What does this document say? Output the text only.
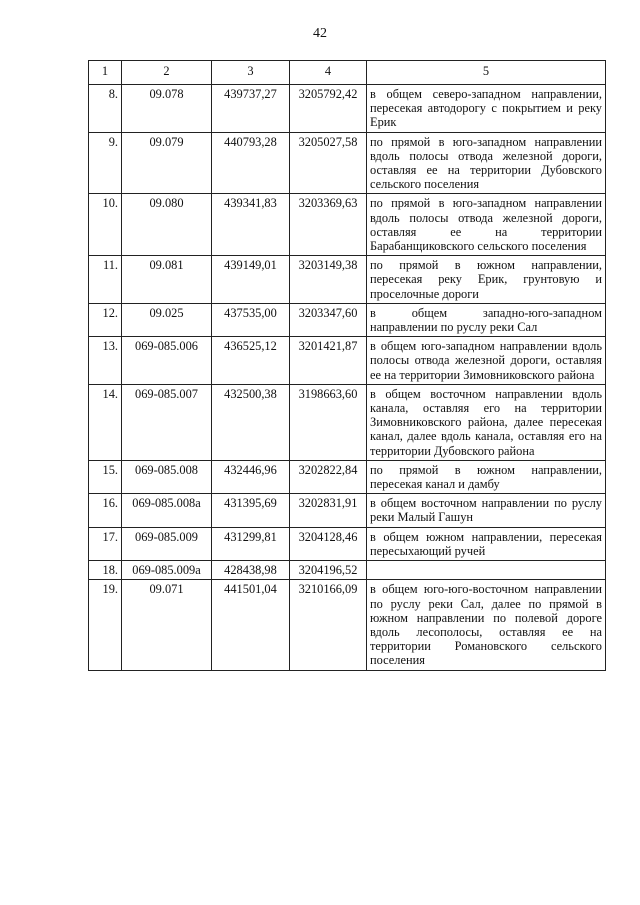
42
1	2	3	4	5
8.	09.078	439737,27	3205792,42	в общем северо-западном направлении, пересекая автодорогу с покрытием и реку Ерик
9.	09.079	440793,28	3205027,58	по прямой в юго-западном направлении вдоль полосы отвода железной дороги, оставляя ее на территории Дубовского сельского поселения
10.	09.080	439341,83	3203369,63	по прямой в юго-западном направлении вдоль полосы отвода железной дороги, оставляя ее на территории Барабанщиковского сельского поселения
11.	09.081	439149,01	3203149,38	по прямой в южном направлении, пересекая реку Ерик, грунтовую и проселочные дороги
12.	09.025	437535,00	3203347,60	в общем западно-юго-западном направлении по руслу реки Сал
13.	069-085.006	436525,12	3201421,87	в общем юго-западном направлении вдоль полосы отвода железной дороги, оставляя ее на территории Зимовниковского района
14.	069-085.007	432500,38	3198663,60	в общем восточном направлении вдоль канала, оставляя его на территории Зимовниковского района, далее пересекая канал, далее вдоль канала, оставляя его на территории Дубовского района
15.	069-085.008	432446,96	3202822,84	по прямой в южном направлении, пересекая канал и дамбу
16.	069-085.008а	431395,69	3202831,91	в общем восточном направлении по руслу реки Малый Гашун
17.	069-085.009	431299,81	3204128,46	в общем южном направлении, пересекая пересыхающий ручей
18.	069-085.009а	428438,98	3204196,52	
19.	09.071	441501,04	3210166,09	в общем юго-юго-восточном направлении по руслу реки Сал, далее по прямой в южном направлении по полевой дороге вдоль лесополосы, оставляя ее на территории Романовского сельского поселения
